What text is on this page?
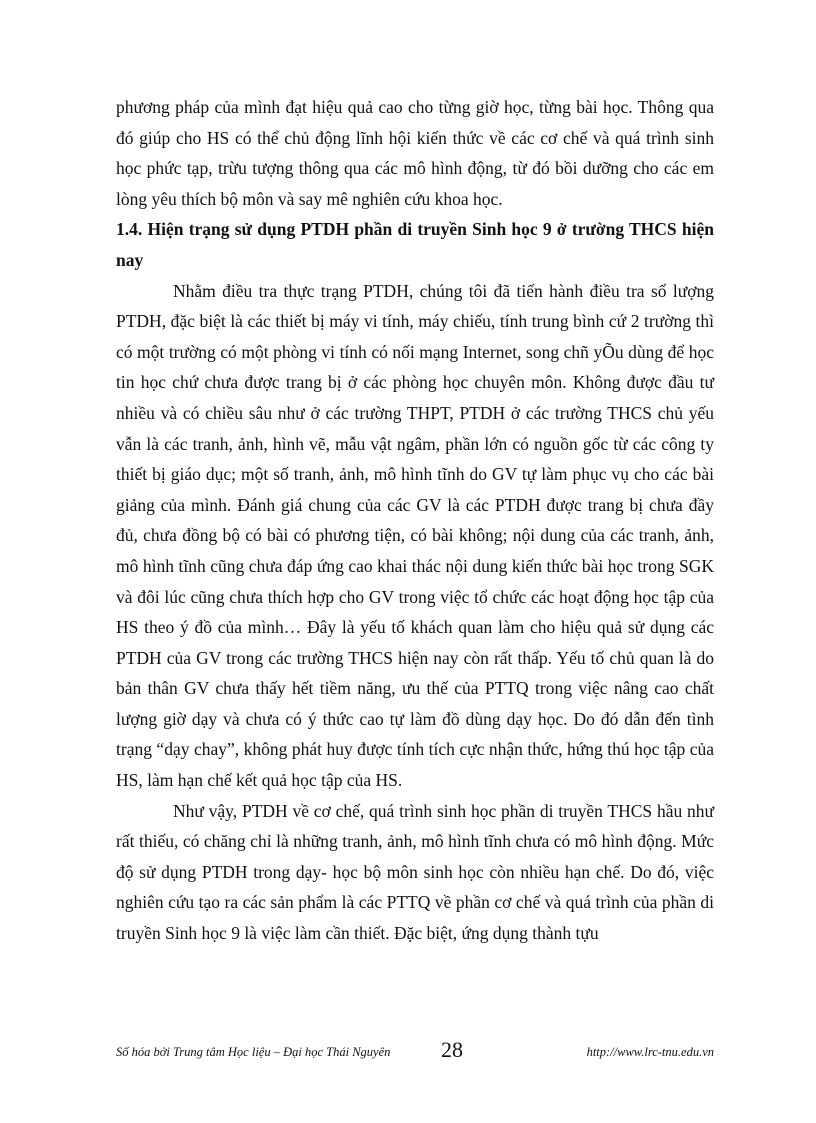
phương pháp của mình đạt hiệu quả cao cho từng giờ học, từng bài học. Thông qua đó giúp cho HS có thể chủ động lĩnh hội kiến thức về các cơ chế và quá trình sinh học phức tạp, trừu tượng thông qua các mô hình động, từ đó bồi dưỡng cho các em lòng yêu thích bộ môn và say mê nghiên cứu khoa học.

1.4. Hiện trạng sử dụng PTDH phần di truyền Sinh học 9 ở trường THCS hiện nay

Nhằm điều tra thực trạng PTDH, chúng tôi đã tiến hành điều tra số lượng PTDH, đặc biệt là các thiết bị máy vi tính, máy chiếu, tính trung bình cứ 2 trường thì có một trường có một phòng vi tính có nối mạng Internet, song chñ yÕu dùng để học tin học chứ chưa được trang bị ở các phòng học chuyên môn. Không được đầu tư nhiều và có chiều sâu như ở các trường THPT, PTDH ở các trường THCS chủ yếu vẫn là các tranh, ảnh, hình vẽ, mẫu vật ngâm, phần lớn có nguồn gốc từ các công ty thiết bị giáo dục; một số tranh, ảnh, mô hình tĩnh do GV tự làm phục vụ cho các bài giảng của mình. Đánh giá chung của các GV là các PTDH được trang bị chưa đầy đủ, chưa đồng bộ có bài có phương tiện, có bài không; nội dung của các tranh, ảnh, mô hình tĩnh cũng chưa đáp ứng cao khai thác nội dung kiến thức bài học trong SGK và đôi lúc cũng chưa thích hợp cho GV trong việc tổ chức các hoạt động học tập của HS theo ý đồ của mình… Đây là yếu tố khách quan làm cho hiệu quả sử dụng các PTDH của GV trong các trường THCS hiện nay còn rất thấp. Yếu tố chủ quan là do bản thân GV chưa thấy hết tiềm năng, ưu thế của PTTQ trong việc nâng cao chất lượng giờ dạy và chưa có ý thức cao tự làm đồ dùng dạy học. Do đó dẫn đến tình trạng “dạy chay”, không phát huy được tính tích cực nhận thức, hứng thú học tập của HS, làm hạn chế kết quả học tập của HS.

Như vậy, PTDH về cơ chế, quá trình sinh học phần di truyền THCS hầu như rất thiếu, có chăng chỉ là những tranh, ảnh, mô hình tĩnh chưa có mô hình động. Mức độ sử dụng PTDH trong dạy- học bộ môn sinh học còn nhiều hạn chế. Do đó, việc nghiên cứu tạo ra các sản phẩm là các PTTQ về phần cơ chế và quá trình của phần di truyền Sinh học 9 là việc làm cần thiết. Đặc biệt, ứng dụng thành tựu

Số hóa bởi Trung tâm Học liệu – Đại học Thái Nguyên 28	http://www.lrc-tnu.edu.vn
